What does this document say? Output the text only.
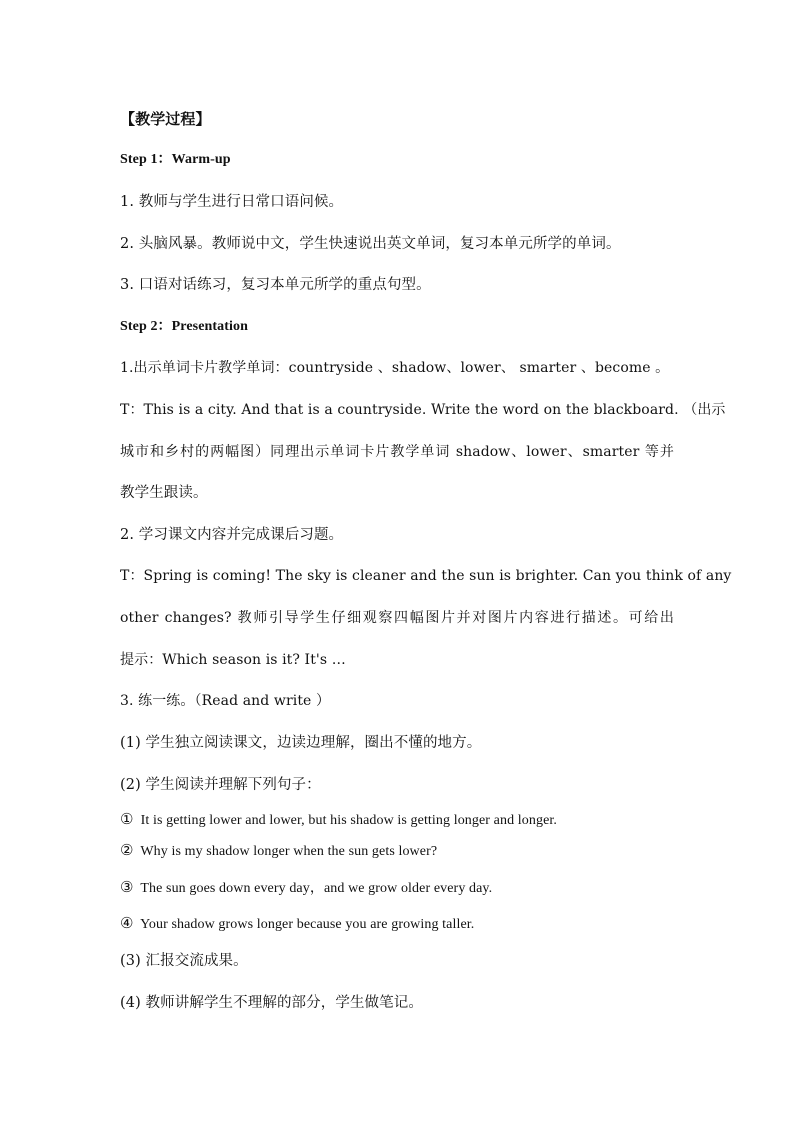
【教学过程】
Step 1：Warm-up
1. 教师与学生进行日常口语问候。
2. 头脑风暴。教师说中文，学生快速说出英文单词，复习本单元所学的单词。
3. 口语对话练习，复习本单元所学的重点句型。
Step 2：Presentation
1.出示单词卡片教学单词：countryside 、shadow、lower、 smarter 、become 。
T：This is a city. And that is a countryside. Write the word on the blackboard. （出示
城市和乡村的两幅图）同理出示单词卡片教学单词 shadow、lower、smarter 等并
教学生跟读。
2. 学习课文内容并完成课后习题。
T：Spring is coming! The sky is cleaner and the sun is brighter. Can you think of any
other changes? 教师引导学生仔细观察四幅图片并对图片内容进行描述。可给出
提示：Which season is it? It's …
3. 练一练。（Read and write ）
(1) 学生独立阅读课文，边读边理解，圈出不懂的地方。
(2) 学生阅读并理解下列句子：
① It is getting lower and lower, but his shadow is getting longer and longer.
② Why is my shadow longer when the sun gets lower?
③ The sun goes down every day，and we grow older every day.
④ Your shadow grows longer because you are growing taller.
(3) 汇报交流成果。
(4) 教师讲解学生不理解的部分，学生做笔记。
